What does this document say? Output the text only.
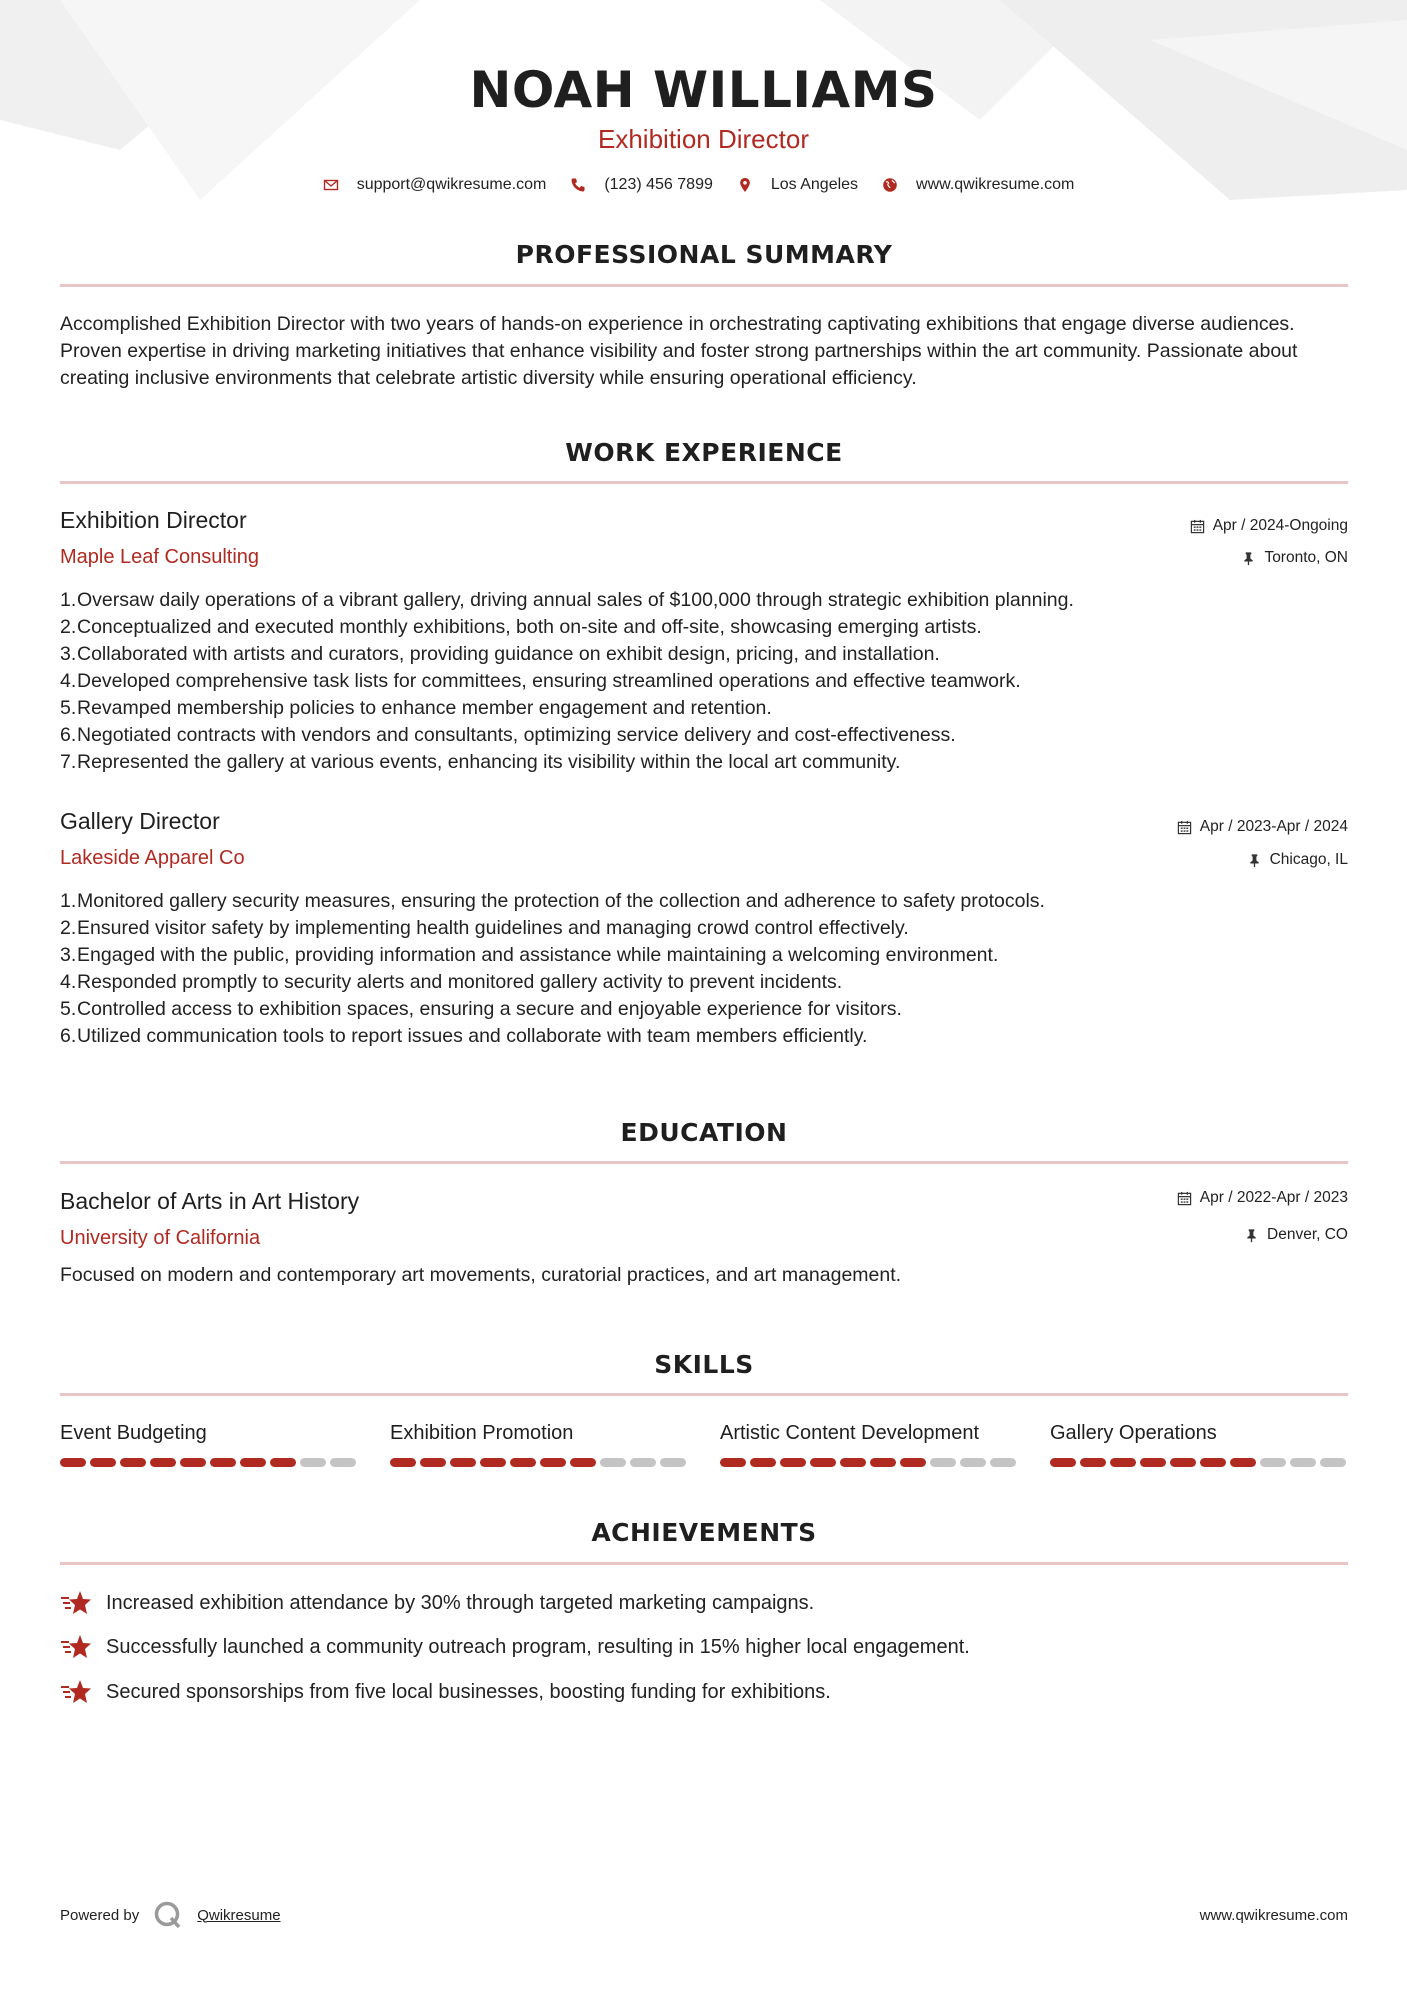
NOAH WILLIAMS
Exhibition Director
support@qwikresume.com	(123) 456 7899	Los Angeles	www.qwikresume.com
PROFESSIONAL SUMMARY
Accomplished Exhibition Director with two years of hands-on experience in orchestrating captivating exhibitions that engage diverse audiences. Proven expertise in driving marketing initiatives that enhance visibility and foster strong partnerships within the art community. Passionate about creating inclusive environments that celebrate artistic diversity while ensuring operational efficiency.
WORK EXPERIENCE
Exhibition Director
Maple Leaf Consulting
Apr / 2024-Ongoing
Toronto, ON
1. Oversaw daily operations of a vibrant gallery, driving annual sales of $100,000 through strategic exhibition planning.
2. Conceptualized and executed monthly exhibitions, both on-site and off-site, showcasing emerging artists.
3. Collaborated with artists and curators, providing guidance on exhibit design, pricing, and installation.
4. Developed comprehensive task lists for committees, ensuring streamlined operations and effective teamwork.
5. Revamped membership policies to enhance member engagement and retention.
6. Negotiated contracts with vendors and consultants, optimizing service delivery and cost-effectiveness.
7. Represented the gallery at various events, enhancing its visibility within the local art community.
Gallery Director
Lakeside Apparel Co
Apr / 2023-Apr / 2024
Chicago, IL
1. Monitored gallery security measures, ensuring the protection of the collection and adherence to safety protocols.
2. Ensured visitor safety by implementing health guidelines and managing crowd control effectively.
3. Engaged with the public, providing information and assistance while maintaining a welcoming environment.
4. Responded promptly to security alerts and monitored gallery activity to prevent incidents.
5. Controlled access to exhibition spaces, ensuring a secure and enjoyable experience for visitors.
6. Utilized communication tools to report issues and collaborate with team members efficiently.
EDUCATION
Bachelor of Arts in Art History
University of California
Apr / 2022-Apr / 2023
Denver, CO
Focused on modern and contemporary art movements, curatorial practices, and art management.
SKILLS
Event Budgeting	Exhibition Promotion	Artistic Content Development	Gallery Operations
ACHIEVEMENTS
Increased exhibition attendance by 30% through targeted marketing campaigns.
Successfully launched a community outreach program, resulting in 15% higher local engagement.
Secured sponsorships from five local businesses, boosting funding for exhibitions.
Powered by	Qwikresume	www.qwikresume.com
